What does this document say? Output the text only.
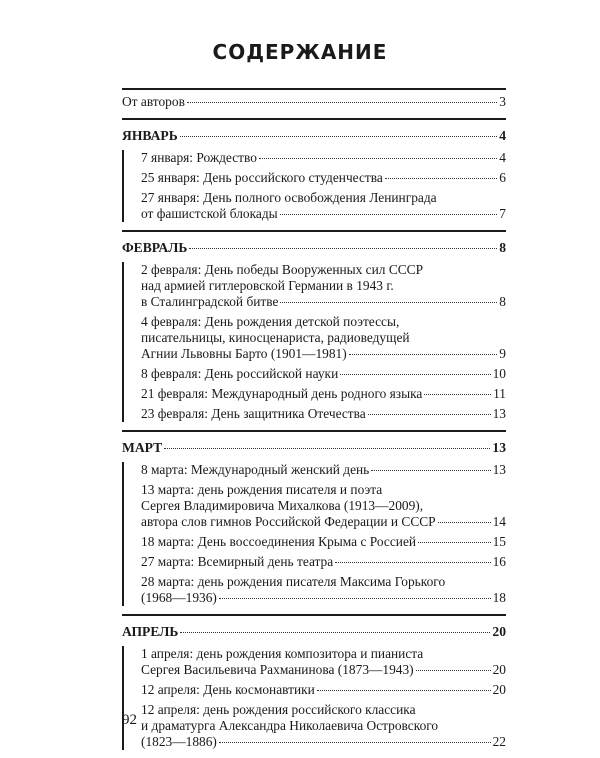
СОДЕРЖАНИЕ
От авторов	3
ЯНВАРЬ	4
7 января: Рождество	4
25 января: День российского студенчества	6
27 января: День полного освобождения Ленинграда
от фашистской блокады	7
ФЕВРАЛЬ	8
2 февраля: День победы Вооруженных сил СССР
над армией гитлеровской Германии в 1943 г.
в Сталинградской битве	8
4 февраля: День рождения детской поэтессы,
писательницы, киносценариста, радиоведущей
Агнии Львовны Барто (1901—1981)	9
8 февраля: День российской науки	10
21 февраля: Международный день родного языка	11
23 февраля: День защитника Отечества	13
МАРТ	13
8 марта: Международный женский день	13
13 марта: день рождения писателя и поэта
Сергея Владимировича Михалкова (1913—2009),
автора слов гимнов Российской Федерации и СССР	14
18 марта: День воссоединения Крыма с Россией	15
27 марта: Всемирный день театра	16
28 марта: день рождения писателя Максима Горького
(1968—1936)	18
АПРЕЛЬ	20
1 апреля: день рождения композитора и пианиста
Сергея Васильевича Рахманинова (1873—1943)	20
12 апреля: День космонавтики	20
12 апреля: день рождения российского классика
и драматурга Александра Николаевича Островского
(1823—1886)	22
92
